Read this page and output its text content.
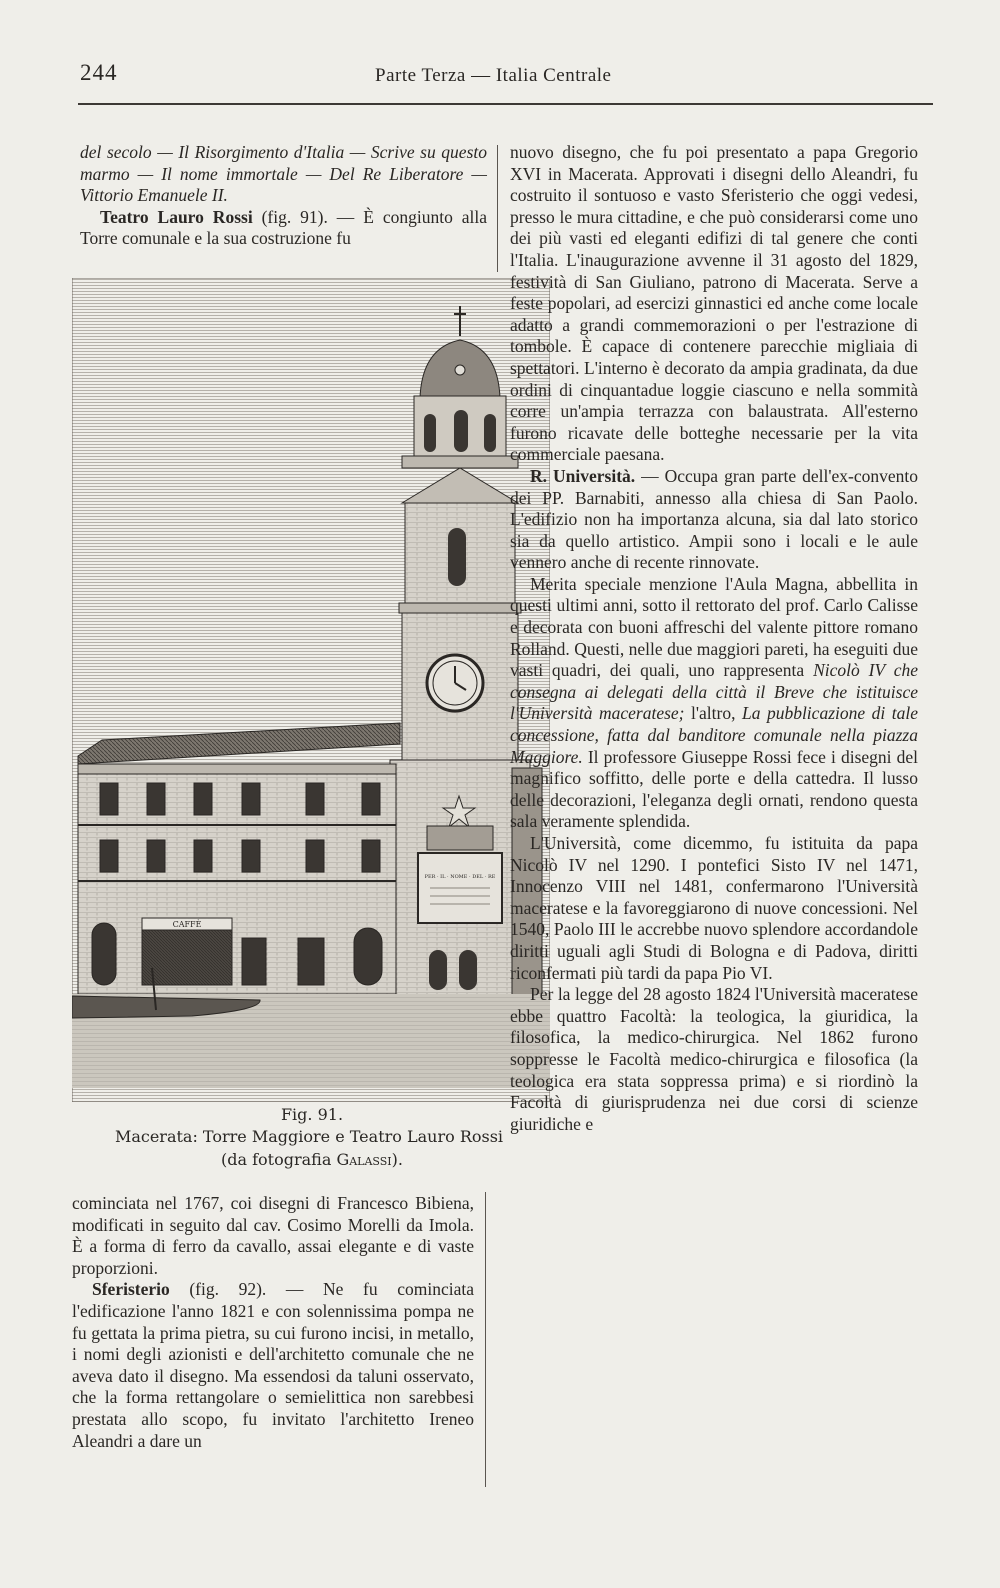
244	Parte Terza — Italia Centrale

del secolo — Il Risorgimento d'Italia — Scrive su questo marmo — Il nome immortale — Del Re Liberatore — Vittorio Emanuele II.

Teatro Lauro Rossi (fig. 91). — È congiunto alla Torre comunale e la sua costruzione fu

PER · IL · NOME · DEL · RE
CAFFÈ
Fig. 91.
Macerata: Torre Maggiore e Teatro Lauro Rossi
(da fotografia Galassi).

cominciata nel 1767, coi disegni di Francesco Bibiena, modificati in seguito dal cav. Cosimo Morelli da Imola. È a forma di ferro da cavallo, assai elegante e di vaste proporzioni.

Sferisterio (fig. 92). — Ne fu cominciata l'edificazione l'anno 1821 e con solennissima pompa ne fu gettata la prima pietra, su cui furono incisi, in metallo, i nomi degli azionisti e dell'architetto comunale che ne aveva dato il disegno. Ma essendosi da taluni osservato, che la forma rettangolare o semielittica non sarebbesi prestata allo scopo, fu invitato l'architetto Ireneo Aleandri a dare un

nuovo disegno, che fu poi presentato a papa Gregorio XVI in Macerata. Approvati i disegni dello Aleandri, fu costruito il sontuoso e vasto Sferisterio che oggi vedesi, presso le mura cittadine, e che può considerarsi come uno dei più vasti ed eleganti edifizi di tal genere che conti l'Italia. L'inaugurazione avvenne il 31 agosto del 1829, festività di San Giuliano, patrono di Macerata. Serve a feste popolari, ad esercizi ginnastici ed anche come locale adatto a grandi commemorazioni o per l'estrazione di tombole. È capace di contenere parecchie migliaia di spettatori. L'interno è decorato da ampia gradinata, da due ordini di cinquantadue loggie ciascuno e nella sommità corre un'ampia terrazza con balaustrata. All'esterno furono ricavate delle botteghe necessarie per la vita commerciale paesana.

R. Università. — Occupa gran parte dell'ex-convento dei PP. Barnabiti, annesso alla chiesa di San Paolo. L'edifizio non ha importanza alcuna, sia dal lato storico sia da quello artistico. Ampii sono i locali e le aule vennero anche di recente rinnovate.

Merita speciale menzione l'Aula Magna, abbellita in questi ultimi anni, sotto il rettorato del prof. Carlo Calisse e decorata con buoni affreschi del valente pittore romano Rolland. Questi, nelle due maggiori pareti, ha eseguiti due vasti quadri, dei quali, uno rappresenta Nicolò IV che consegna ai delegati della città il Breve che istituisce l'Università maceratese; l'altro, La pubblicazione di tale concessione, fatta dal banditore comunale nella piazza Maggiore. Il professore Giuseppe Rossi fece i disegni del magnifico soffitto, delle porte e della cattedra. Il lusso delle decorazioni, l'eleganza degli ornati, rendono questa sala veramente splendida.

L'Università, come dicemmo, fu istituita da papa Nicolò IV nel 1290. I pontefici Sisto IV nel 1471, Innocenzo VIII nel 1481, confermarono l'Università maceratese e la favoreggiarono di nuove concessioni. Nel 1540, Paolo III le accrebbe nuovo splendore accordandole diritti uguali agli Studi di Bologna e di Padova, diritti riconfermati più tardi da papa Pio VI.

Per la legge del 28 agosto 1824 l'Università maceratese ebbe quattro Facoltà: la teologica, la giuridica, la filosofica, la medico-chirurgica. Nel 1862 furono soppresse le Facoltà medico-chirurgica e filosofica (la teologica era stata soppressa prima) e si riordinò la Facoltà di giurisprudenza nei due corsi di scienze giuridiche e
